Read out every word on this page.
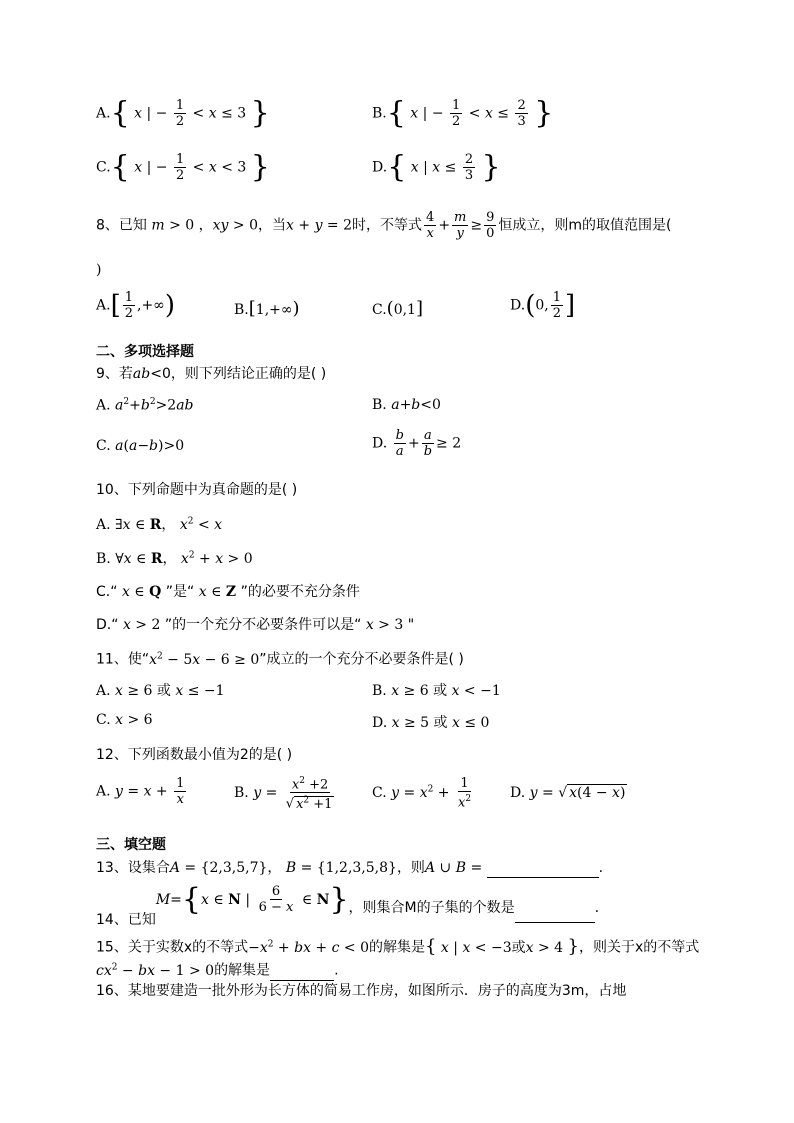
A.{ x | − $\frac{1}{2} < x \le 3$ }	B.{ x | − $\frac{1}{2} < x \le \frac{2}{3}$ }
C.{ x | − $\frac{1}{2} < x < 3$ }	D.{ x | $x \le \frac{2}{3}$ }
8、已知 m > 0 ，xy > 0，当x + y = 2时，不等式 $\frac{4}{x} + \frac{m}{y} \ge \frac{9}{0}$ 恒成立，则m的取值范围是(
)
$A.[ \frac{1}{2}$ ,+∞)	B.[1,+∞)	C.(0,1]	D.(0, $\frac{1}{2}$ ]
二、多项选择题
9、若ab<0，则下列结论正确的是( )
A. $a^2+b^2>2ab$	B. a+b<0
C. a(a−b)>0	D. $\frac{b}{a} + \frac{a}{b} \ge 2$
10、下列命题中为真命题的是( )
A. ∃x ∈ R， $x^2 < x$
B. ∀x ∈ R， $x^2 + x > 0$
C.“ x ∈ Q ”是“ x ∈ Z ”的必要不充分条件
D.“ x > 2 ”的一个充分不必要条件可以是“ x > 3 "
11、使“$x^2 - 5x - 6 \ge 0$”成立的一个充分不必要条件是( )
A. x ≥ 6 或 x ≤ −1	B. x ≥ 6 或 x < −1
C. x > 6	D. x ≥ 5 或 x ≤ 0
12、下列函数最小值为2的是( )
A. $y = x + \frac{1}{x}$	B. $y = \frac{x^2 +2}{√ x^2 +1}$	C. $y = x^2 + \frac{1}{x^2}$	D. y = √ x(4 − x)
三、填空题
13、设集合A = {2,3,5,7}， B = {1,2,3,5,8}，则A ∪ B =	.
14、已知M={x ∈ N | $\frac{6}{6 - x}$ ∈ N}，则集合M的子集的个数是	.
15、关于实数x的不等式$-x^2$ + bx + c < 0的解集是{ x | x < −3或x > 4 }，则关于x的不等式
$cx^2$ − bx − 1 > 0的解集是	.
16、某地要建造一批外形为长方体的简易工作房，如图所示．房子的高度为3m，占地
